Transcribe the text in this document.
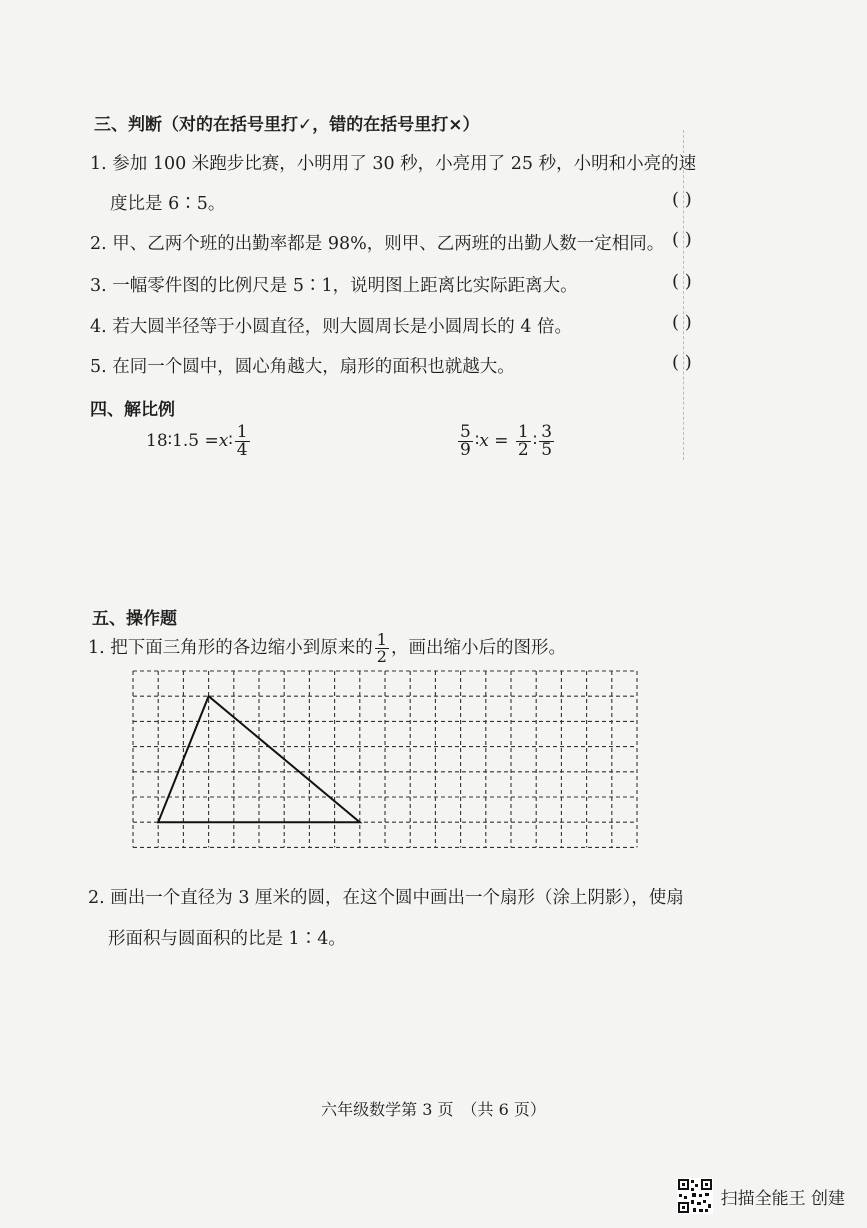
三、判断（对的在括号里打✓，错的在括号里打×）
1. 参加 100 米跑步比赛，小明用了 30 秒，小亮用了 25 秒，小明和小亮的速
度比是 6∶5。	( )
2. 甲、乙两个班的出勤率都是 98%，则甲、乙两班的出勤人数一定相同。 ( )
3. 一幅零件图的比例尺是 5∶1，说明图上距离比实际距离大。	( )
4. 若大圆半径等于小圆直径，则大圆周长是小圆周长的 4 倍。	( )
5. 在同一个圆中，圆心角越大，扇形的面积也就越大。	( )
四、解比例
18∶1.5 =x∶ $\frac{1}{4}$	$\frac{5}{9}$ ∶x = $\frac{1}{2}$ ∶ $\frac{3}{5}$
五、操作题
1. 把下面三角形的各边缩小到原来的 $\frac{1}{2}$ ，画出缩小后的图形。
2. 画出一个直径为 3 厘米的圆，在这个圆中画出一个扇形（涂上阴影），使扇
形面积与圆面积的比是 1∶4。
六年级数学第 3 页　（共 6 页）
扫描全能王 创建
